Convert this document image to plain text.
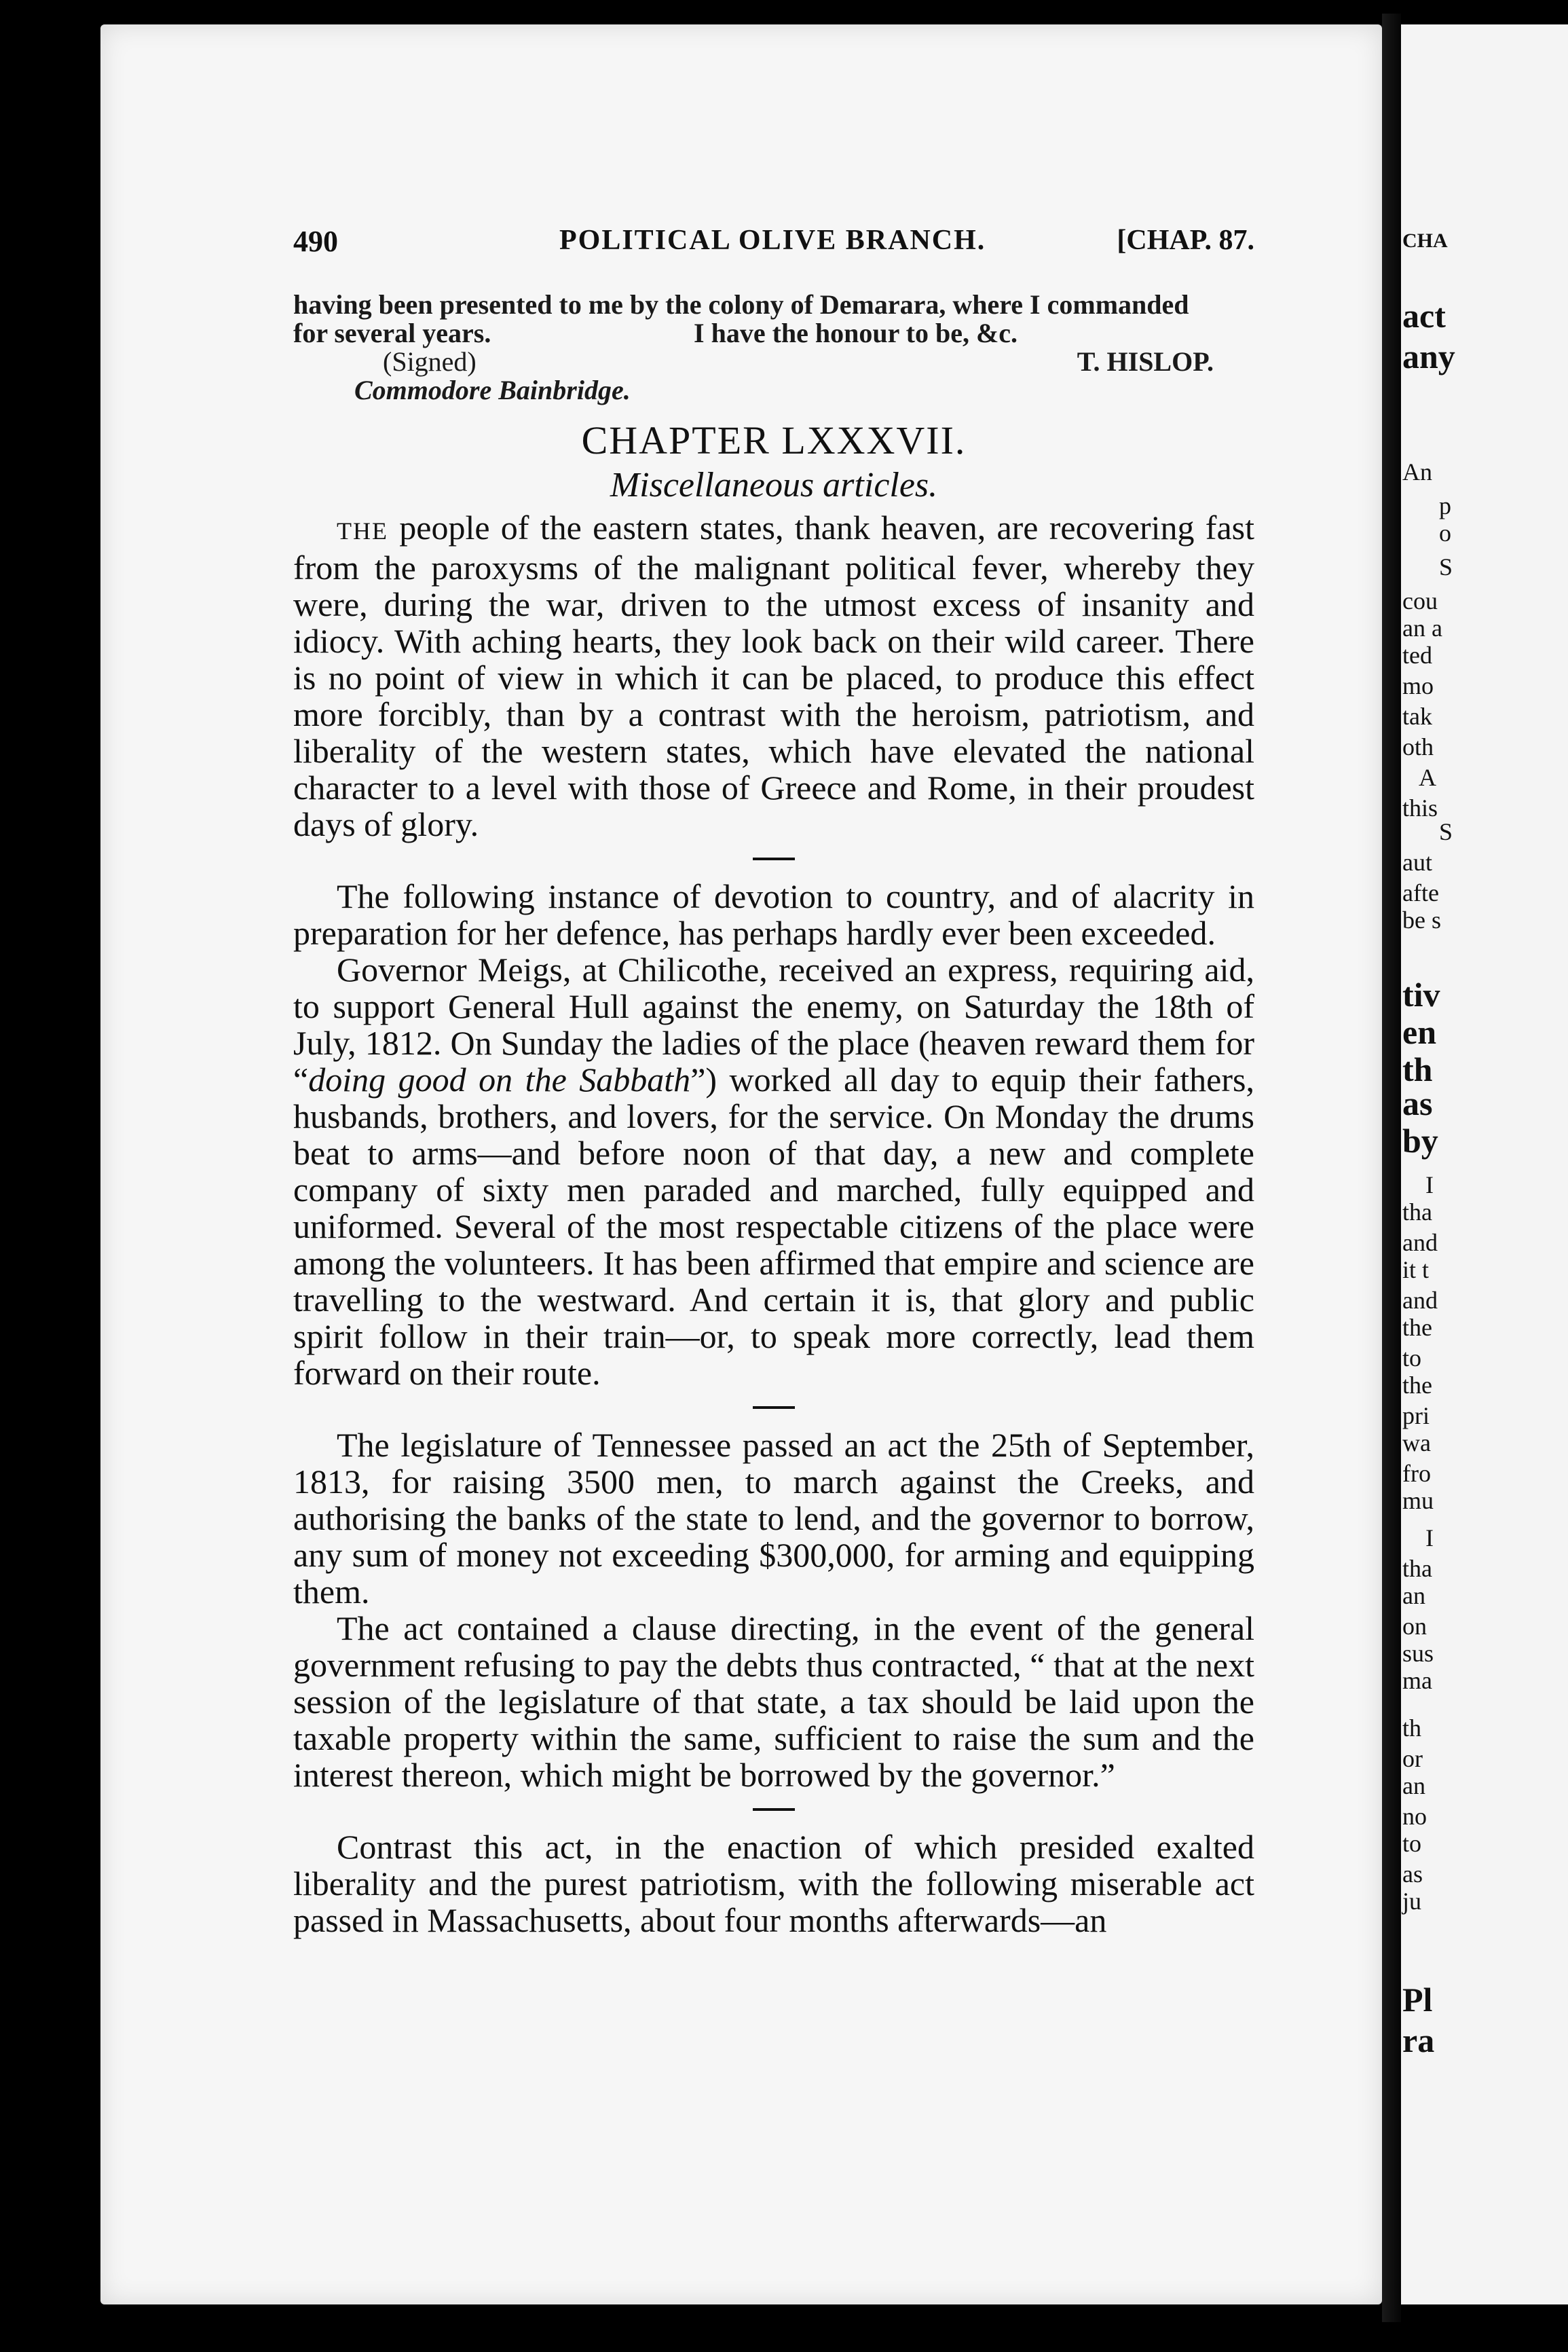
CHA
act
any
An
p
o
S
cou
an a
ted
mo
tak
oth
A
this
S
aut
afte
be s
tiv
en
th
as
by
I
tha
and
it t
and
the
to
the
pri
wa
fro
mu
I
tha
an
on
sus
ma
th
or
an
no
to
as
ju
Pl
ra
490	POLITICAL OLIVE BRANCH.	[CHAP. 87.
having been presented to me by the colony of Demarara, where I commanded
for several years.	I have the honour to be, &c.
(Signed)	T. HISLOP.
Commodore Bainbridge.
CHAPTER LXXXVII.
Miscellaneous articles.

THE people of the eastern states, thank heaven, are recovering fast from the paroxysms of the malignant political fever, whereby they were, during the war, driven to the utmost excess of insanity and idiocy. With aching hearts, they look back on their wild career. There is no point of view in which it can be placed, to produce this effect more forcibly, than by a contrast with the heroism, patriotism, and liberality of the western states, which have elevated the national character to a level with those of Greece and Rome, in their proudest days of glory.

The following instance of devotion to country, and of alacrity in preparation for her defence, has perhaps hardly ever been exceeded.

Governor Meigs, at Chilicothe, received an express, requiring aid, to support General Hull against the enemy, on Saturday the 18th of July, 1812. On Sunday the ladies of the place (heaven reward them for “doing good on the Sabbath”) worked all day to equip their fathers, husbands, brothers, and lovers, for the service. On Monday the drums beat to arms—and before noon of that day, a new and complete company of sixty men paraded and marched, fully equipped and uniformed. Several of the most respectable citizens of the place were among the volunteers. It has been affirmed that empire and science are travelling to the westward. And certain it is, that glory and public spirit follow in their train—or, to speak more correctly, lead them forward on their route.

The legislature of Tennessee passed an act the 25th of September, 1813, for raising 3500 men, to march against the Creeks, and authorising the banks of the state to lend, and the governor to borrow, any sum of money not exceeding $300,000, for arming and equipping them.

The act contained a clause directing, in the event of the general government refusing to pay the debts thus contracted, “ that at the next session of the legislature of that state, a tax should be laid upon the taxable property within the same, sufficient to raise the sum and the interest thereon, which might be borrowed by the governor.”

Contrast this act, in the enaction of which presided exalted liberality and the purest patriotism, with the following miserable act passed in Massachusetts, about four months afterwards—an
